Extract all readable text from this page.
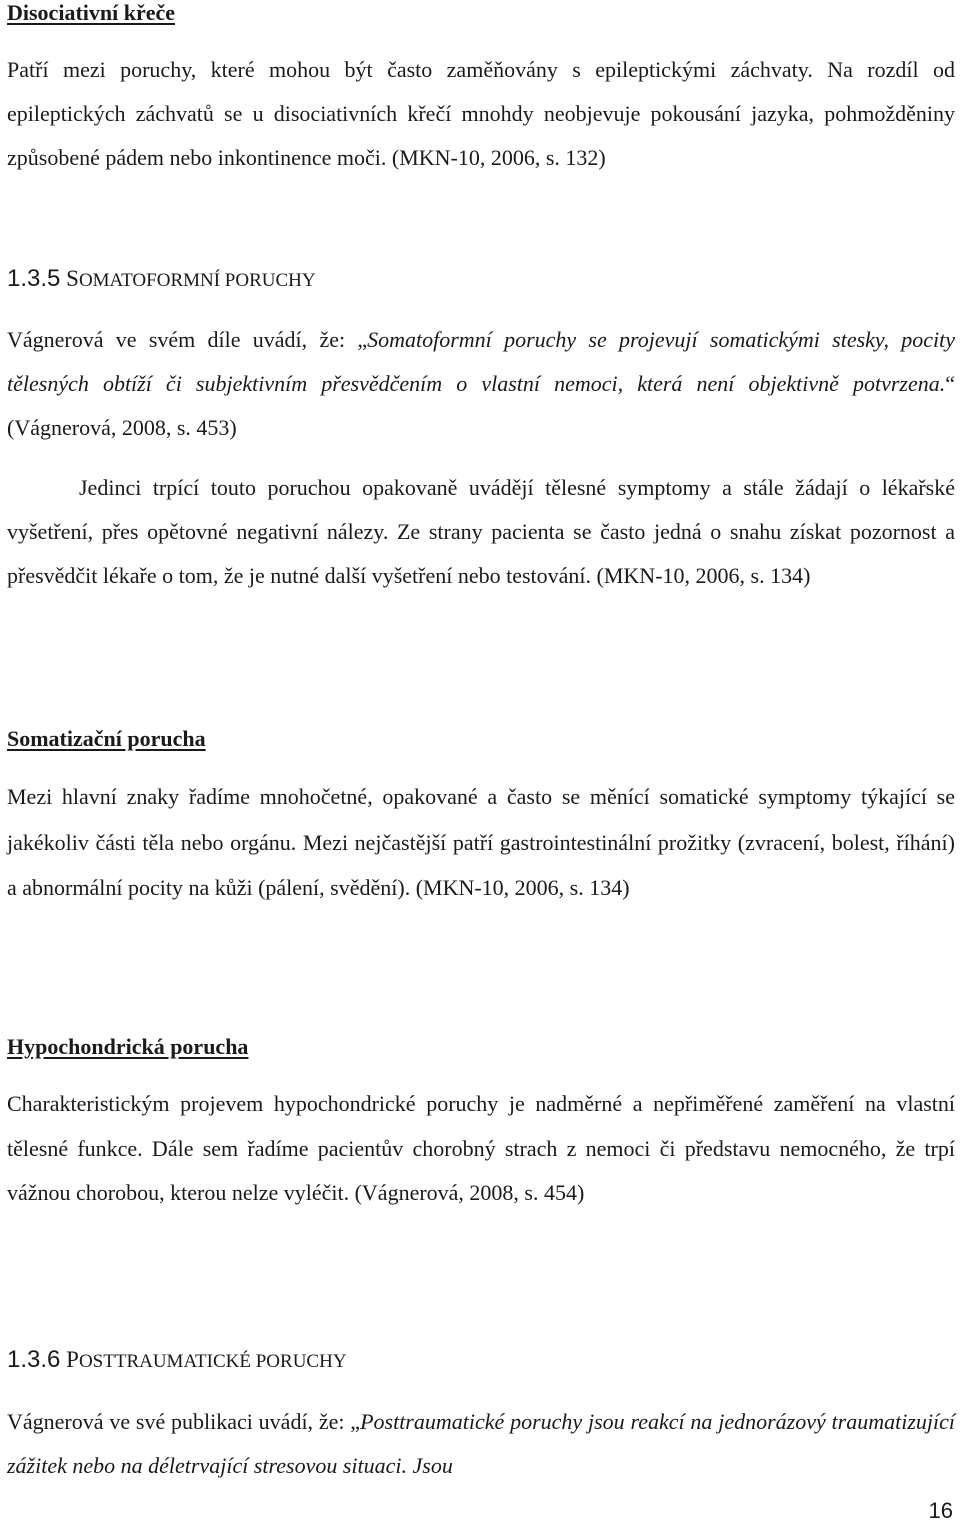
Disociativní křeče

Patří mezi poruchy, které mohou být často zaměňovány s epileptickými záchvaty. Na rozdíl od epileptických záchvatů se u disociativních křečí mnohdy neobjevuje pokousání jazyka, pohmožděniny způsobené pádem nebo inkontinence moči. (MKN-10, 2006, s. 132)

1.3.5 SOMATOFORMNÍ PORUCHY

Vágnerová ve svém díle uvádí, že: „Somatoformní poruchy se projevují somatickými stesky, pocity tělesných obtíží či subjektivním přesvědčením o vlastní nemoci, která není objektivně potvrzena.“ (Vágnerová, 2008, s. 453)

Jedinci trpící touto poruchou opakovaně uvádějí tělesné symptomy a stále žádají o lékařské vyšetření, přes opětovné negativní nálezy. Ze strany pacienta se často jedná o snahu získat pozornost a přesvědčit lékaře o tom, že je nutné další vyšetření nebo testování. (MKN-10, 2006, s. 134)

Somatizační porucha

Mezi hlavní znaky řadíme mnohočetné, opakované a často se měnící somatické symptomy týkající se jakékoliv části těla nebo orgánu. Mezi nejčastější patří gastrointestinální prožitky (zvracení, bolest, říhání) a abnormální pocity na kůži (pálení, svědění). (MKN-10, 2006, s. 134)

Hypochondrická porucha

Charakteristickým projevem hypochondrické poruchy je nadměrné a nepřiměřené zaměření na vlastní tělesné funkce. Dále sem řadíme pacientův chorobný strach z nemoci či představu nemocného, že trpí vážnou chorobou, kterou nelze vyléčit. (Vágnerová, 2008, s. 454)

1.3.6 POSTTRAUMATICKÉ PORUCHY

Vágnerová ve své publikaci uvádí, že: „Posttraumatické poruchy jsou reakcí na jednorázový traumatizující zážitek nebo na déletrvající stresovou situaci. Jsou

16
